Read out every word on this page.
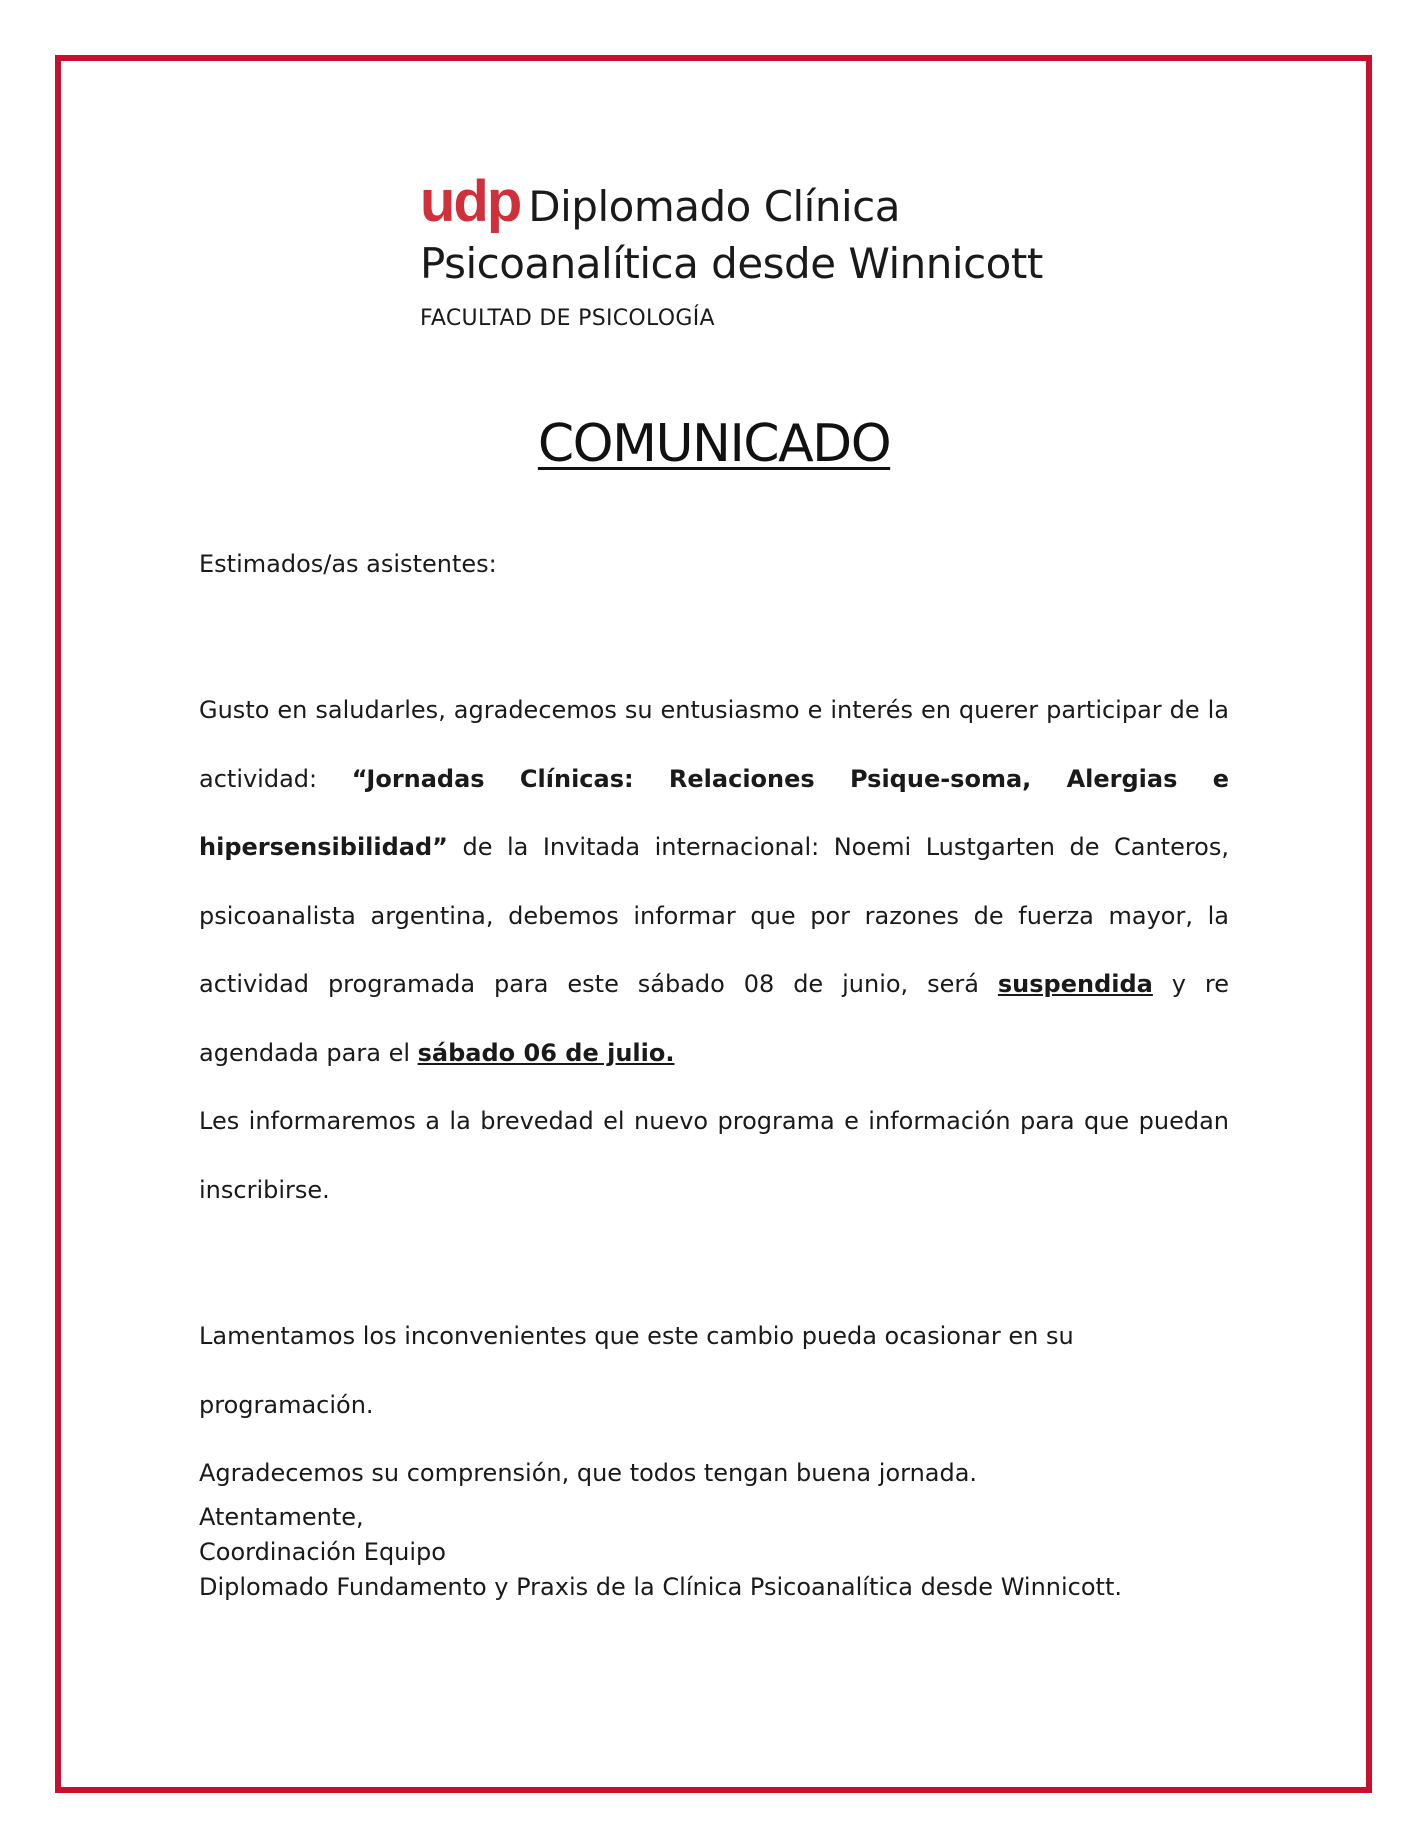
udp Diplomado Clínica
Psicoanalítica desde Winnicott
FACULTAD DE PSICOLOGÍA
COMUNICADO
Estimados/as asistentes:
Gusto en saludarles, agradecemos su entusiasmo e interés en querer participar de la actividad: “Jornadas Clínicas: Relaciones Psique-soma, Alergias e hipersensibilidad” de la Invitada internacional: Noemi Lustgarten de Canteros, psicoanalista argentina, debemos informar que por razones de fuerza mayor, la actividad programada para este sábado 08 de junio, será suspendida y re agendada para el sábado 06 de julio.
Les informaremos a la brevedad el nuevo programa e información para que puedan inscribirse.
Lamentamos los inconvenientes que este cambio pueda ocasionar en su programación.
Agradecemos su comprensión, que todos tengan buena jornada.
Atentamente,
Coordinación Equipo
Diplomado Fundamento y Praxis de la Clínica Psicoanalítica desde Winnicott.
